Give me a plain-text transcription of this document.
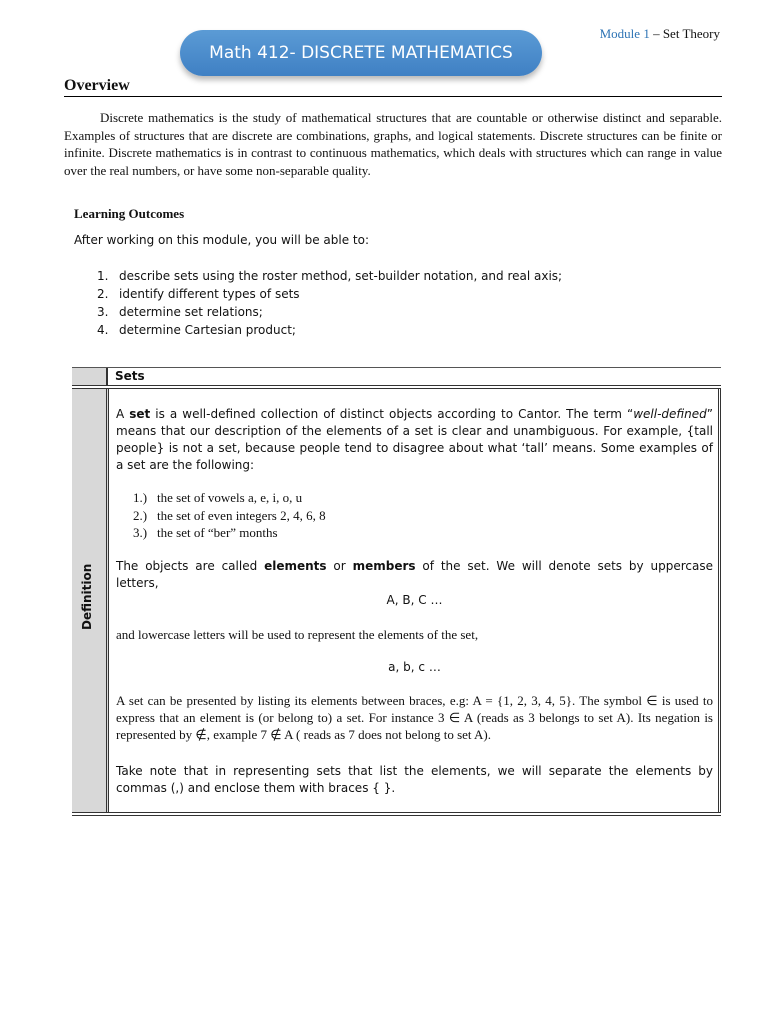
Module 1 – Set Theory
Math 412- DISCRETE MATHEMATICS
Overview

Discrete mathematics is the study of mathematical structures that are countable or otherwise distinct and separable. Examples of structures that are discrete are combinations, graphs, and logical statements. Discrete structures can be finite or infinite. Discrete mathematics is in contrast to continuous mathematics, which deals with structures which can range in value over the real numbers, or have some non-separable quality.

Learning Outcomes
After working on this module, you will be able to:
1. describe sets using the roster method, set-builder notation, and real axis;
2. identify different types of sets
3. determine set relations;
4. determine Cartesian product;
Sets
Definition

A set is a well-defined collection of distinct objects according to Cantor. The term “well-defined” means that our description of the elements of a set is clear and unambiguous. For example, {tall people} is not a set, because people tend to disagree about what ‘tall’ means. Some examples of a set are the following:

1.) the set of vowels a, e, i, o, u
2.) the set of even integers 2, 4, 6, 8
3.) the set of “ber” months

The objects are called elements or members of the set. We will denote sets by uppercase letters,

A, B, C …

and lowercase letters will be used to represent the elements of the set,

a, b, c …

A set can be presented by listing its elements between braces, e.g: A = {1, 2, 3, 4, 5}. The symbol ∈ is used to express that an element is (or belong to) a set. For instance 3 ∈ A (reads as 3 belongs to set A). Its negation is represented by ∉, example 7 ∉ A ( reads as 7 does not belong to set A).

Take note that in representing sets that list the elements, we will separate the elements by commas (,) and enclose them with braces { }.
